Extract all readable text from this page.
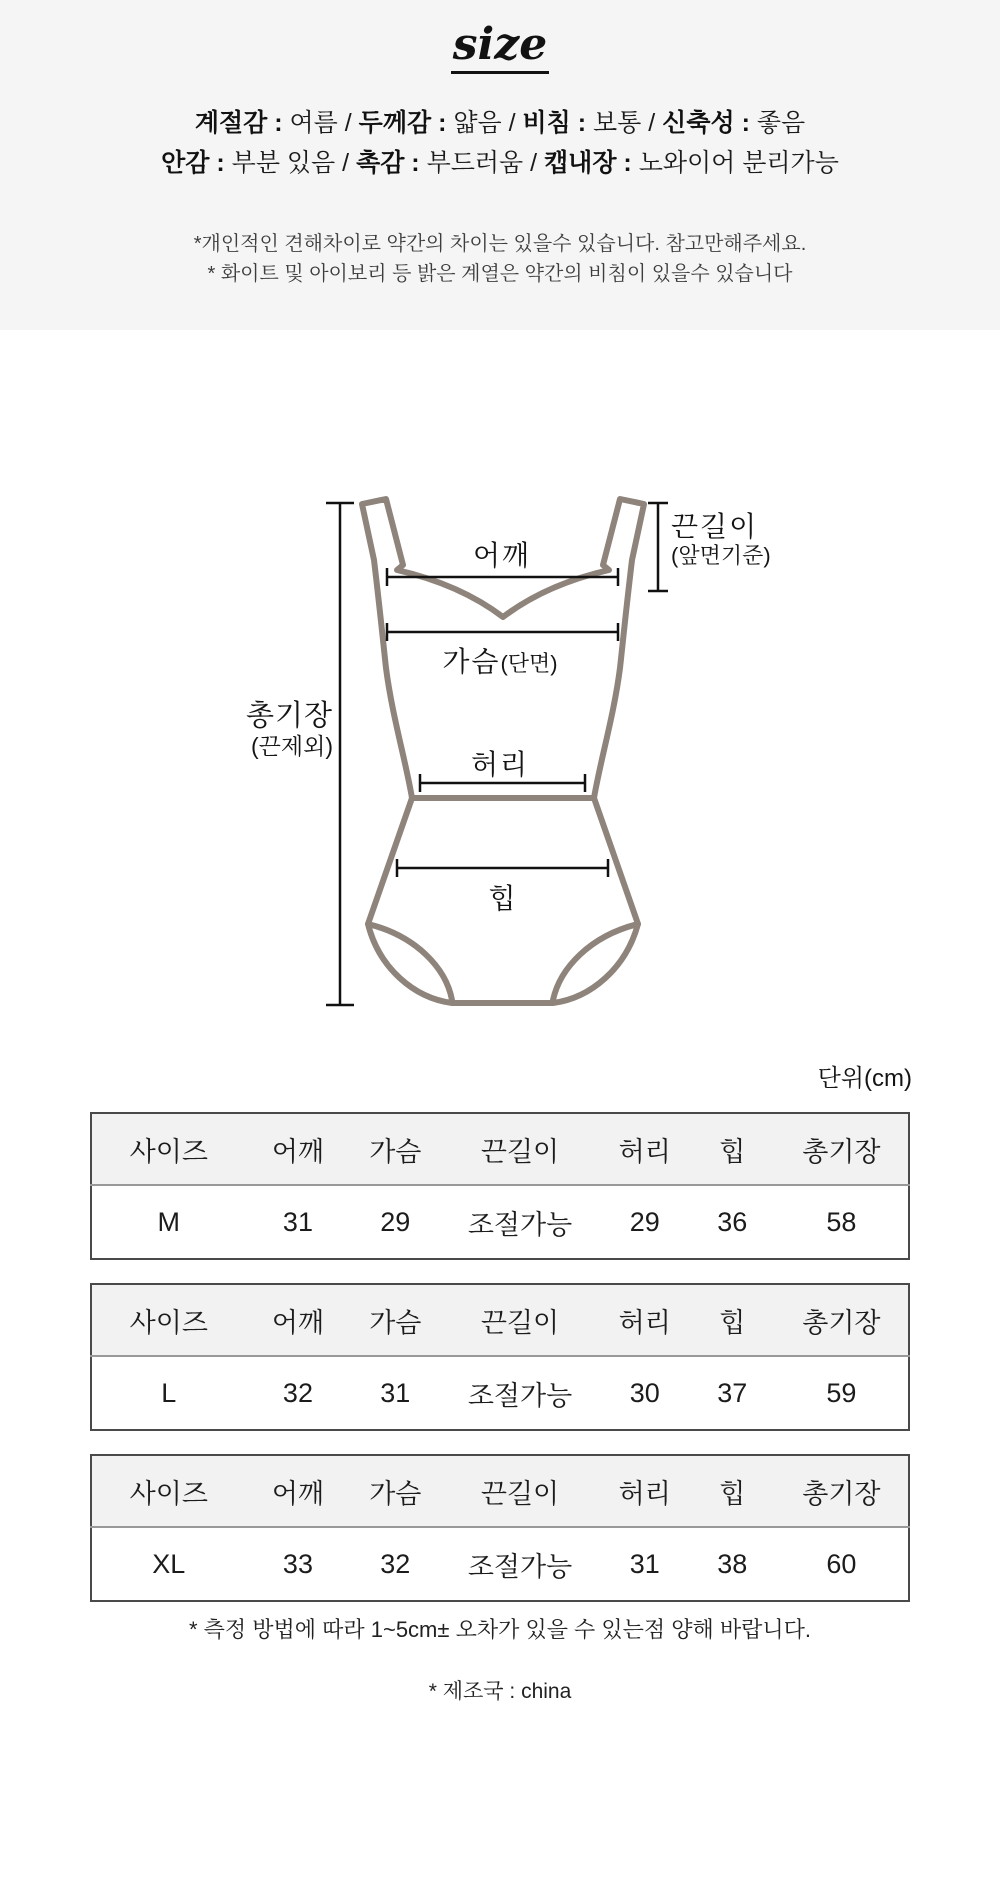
size

계절감 : 여름 / 두께감 : 얇음 / 비침 : 보통 / 신축성 : 좋음

안감 : 부분 있음 / 촉감 : 부드러움 / 캡내장 : 노와이어 분리가능

*개인적인 견해차이로 약간의 차이는 있을수 있습니다. 참고만해주세요.

* 화이트 및 아이보리 등 밝은 계열은 약간의 비침이 있을수 있습니다

어깨

가슴(단면)

허리

힙

총기장
(끈제외)

끈길이
(앞면기준)

단위(cm)

사이즈	어깨	가슴	끈길이	허리	힙	총기장
M	31	29	조절가능	29	36	58
사이즈	어깨	가슴	끈길이	허리	힙	총기장
L	32	31	조절가능	30	37	59
사이즈	어깨	가슴	끈길이	허리	힙	총기장
XL	33	32	조절가능	31	38	60

* 측정 방법에 따라 1~5cm± 오차가 있을 수 있는점 양해 바랍니다.

* 제조국 : china
